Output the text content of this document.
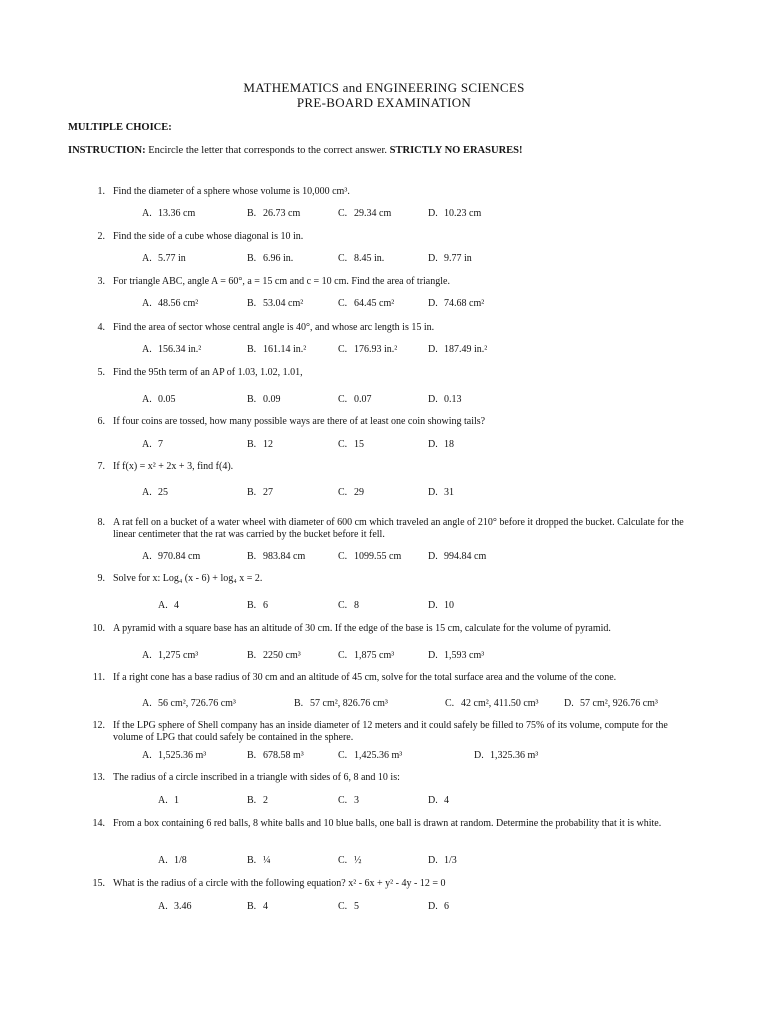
MATHEMATICS and ENGINEERING SCIENCES
PRE-BOARD EXAMINATION
MULTIPLE CHOICE:
INSTRUCTION: Encircle the letter that corresponds to the correct answer. STRICTLY NO ERASURES!
1. Find the diameter of a sphere whose volume is 10,000 cm³.
A. 13.36 cm	B. 26.73 cm	C. 29.34 cm	D. 10.23 cm
2. Find the side of a cube whose diagonal is 10 in.
A. 5.77 in	B. 6.96 in.	C. 8.45 in.	D. 9.77 in
3. For triangle ABC, angle A = 60°, a = 15 cm and c = 10 cm. Find the area of triangle.
A. 48.56 cm²	B. 53.04 cm²	C. 64.45 cm²	D. 74.68 cm²
4. Find the area of sector whose central angle is 40°, and whose arc length is 15 in.
A. 156.34 in.²	B. 161.14 in.²	C. 176.93 in.²	D. 187.49 in.²
5. Find the 95th term of an AP of 1.03, 1.02, 1.01,
A. 0.05	B. 0.09	C. 0.07	D. 0.13
6. If four coins are tossed, how many possible ways are there of at least one coin showing tails?
A. 7	B. 12	C. 15	D. 18
7. If f(x) = x² + 2x + 3, find f(4).
A. 25	B. 27	C. 29	D. 31
8. A rat fell on a bucket of a water wheel with diameter of 600 cm which traveled an angle of 210° before it dropped the bucket. Calculate for the linear centimeter that the rat was carried by the bucket before it fell.
A. 970.84 cm	B. 983.84 cm	C. 1099.55 cm	D. 994.84 cm
9. Solve for x: Log₄ (x - 6) + log₄ x = 2.
A. 4	B. 6	C. 8	D. 10
10. A pyramid with a square base has an altitude of 30 cm. If the edge of the base is 15 cm, calculate for the volume of pyramid.
A. 1,275 cm³	B. 2250 cm³	C. 1,875 cm³	D. 1,593 cm³
11. If a right cone has a base radius of 30 cm and an altitude of 45 cm, solve for the total surface area and the volume of the cone.
A. 56 cm², 726.76 cm³	B. 57 cm², 826.76 cm³	C. 42 cm², 411.50 cm³	D. 57 cm², 926.76 cm³
12. If the LPG sphere of Shell company has an inside diameter of 12 meters and it could safely be filled to 75% of its volume, compute for the volume of LPG that could safely be contained in the sphere.
A. 1,525.36 m³	B. 678.58 m³	C. 1,425.36 m³	D. 1,325.36 m³
13. The radius of a circle inscribed in a triangle with sides of 6, 8 and 10 is:
A. 1	B. 2	C. 3	D. 4
14. From a box containing 6 red balls, 8 white balls and 10 blue balls, one ball is drawn at random. Determine the probability that it is white.
A. 1/8	B. ¼	C. ½	D. 1/3
15. What is the radius of a circle with the following equation? x² - 6x + y² - 4y - 12 = 0
A. 3.46	B. 4	C. 5	D. 6
